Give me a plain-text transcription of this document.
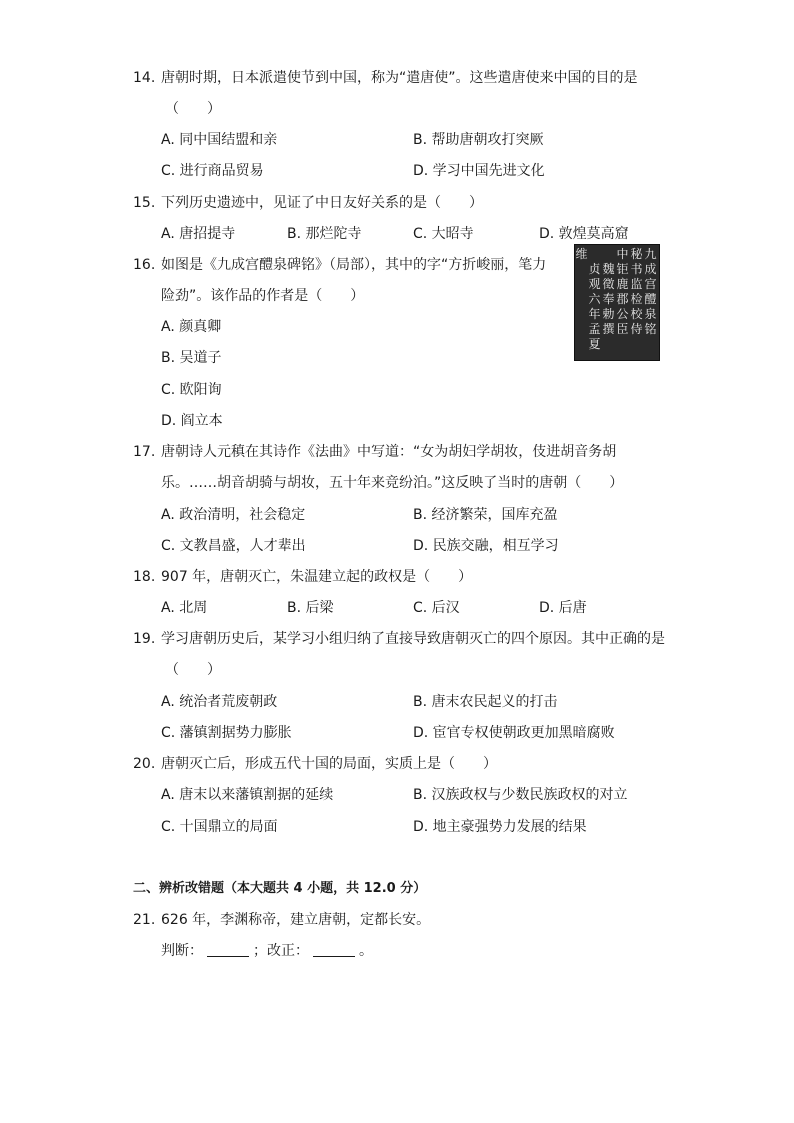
14. 唐朝时期，日本派遣使节到中国，称为“遣唐使”。这些遣唐使来中国的目的是
（　　）
A. 同中国结盟和亲	B. 帮助唐朝攻打突厥
C. 进行商品贸易	D. 学习中国先进文化
15. 下列历史遗迹中，见证了中日友好关系的是（　　）
A. 唐招提寺	B. 那烂陀寺	C. 大昭寺	D. 敦煌莫高窟
16. 如图是《九成宫醴泉碑铭》（局部），其中的字“方折峻丽，笔力
险劲”。该作品的作者是（　　）
A. 颜真卿
B. 吴道子
C. 欧阳询
D. 阎立本
九成宫醴泉铭
秘书监检校侍
中钜鹿郡公臣
魏徵奉勅撰
贞观六年孟夏
维
17. 唐朝诗人元稹在其诗作《法曲》中写道：“女为胡妇学胡妆，伎进胡音务胡
乐。……胡音胡骑与胡妆，五十年来竞纷泊。”这反映了当时的唐朝（　　）
A. 政治清明，社会稳定	B. 经济繁荣，国库充盈
C. 文教昌盛，人才辈出	D. 民族交融，相互学习
18. 907 年，唐朝灭亡，朱温建立起的政权是（　　）
A. 北周	B. 后梁	C. 后汉	D. 后唐
19. 学习唐朝历史后，某学习小组归纳了直接导致唐朝灭亡的四个原因。其中正确的是
（　　）
A. 统治者荒废朝政	B. 唐末农民起义的打击
C. 藩镇割据势力膨胀	D. 宦官专权使朝政更加黑暗腐败
20. 唐朝灭亡后，形成五代十国的局面，实质上是（　　）
A. 唐末以来藩镇割据的延续	B. 汉族政权与少数民族政权的对立
C. 十国鼎立的局面	D. 地主豪强势力发展的结果
二、辨析改错题（本大题共 4 小题，共 12.0 分）
21. 626 年，李渊称帝，建立唐朝，定都长安。
判断：	；改正：	。
